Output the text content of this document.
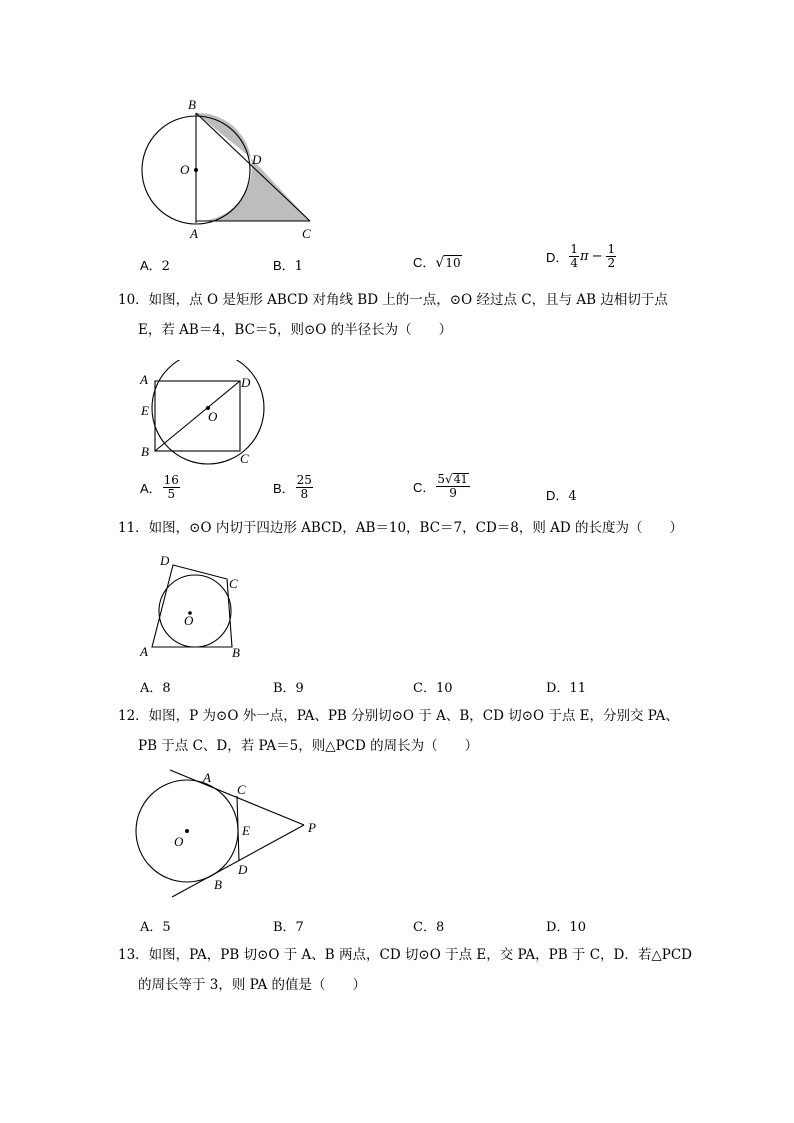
B
D
O
A	C
A．2	B．1	C． √ 10	D． $\frac{1}{4}$ $\pi - \frac{1}{2}$
10．如图，点 O 是矩形 ABCD 对角线 BD 上的一点，⊙O 经过点 C，且与 AB 边相切于点
E，若 AB＝4，BC＝5，则⊙O 的半径长为（　　）
A	D
E	O
B	C
A． $\frac{16}{5}$	B． $\frac{25}{8}$	C． $\frac{5 √ 41}{9}$	D．4
11．如图，⊙O 内切于四边形 ABCD，AB＝10，BC＝7，CD＝8，则 AD 的长度为（　　）
D
C
O
A	B
A．8	B．9	C．10	D．11
12．如图，P 为⊙O 外一点，PA、PB 分别切⊙O 于 A、B，CD 切⊙O 于点 E，分别交 PA、
PB 于点 C、D，若 PA＝5，则△PCD 的周长为（　　）
A
C
E	P
O
D
B
A．5	B．7	C．8	D．10
13．如图，PA，PB 切⊙O 于 A、B 两点，CD 切⊙O 于点 E，交 PA，PB 于 C，D．若△PCD
的周长等于 3，则 PA 的值是（　　）
